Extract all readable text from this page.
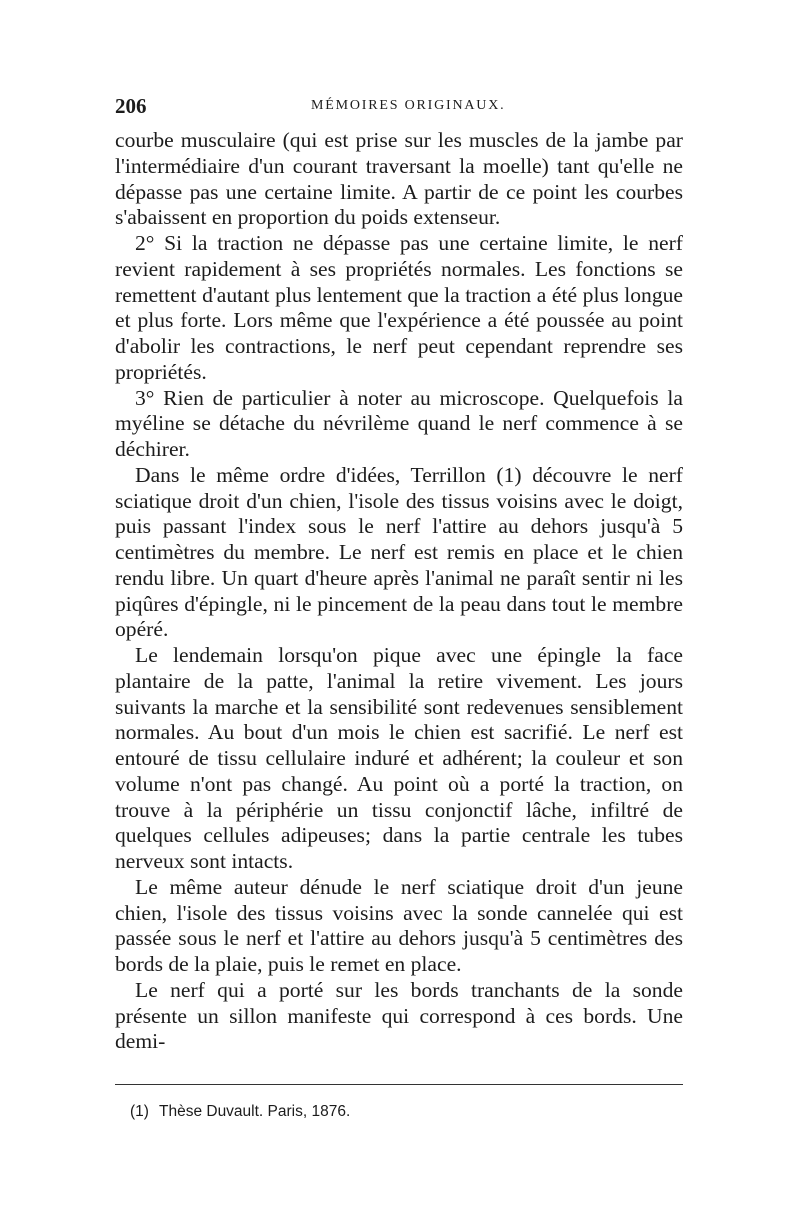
206	MÉMOIRES ORIGINAUX.

courbe musculaire (qui est prise sur les muscles de la jambe par l'intermédiaire d'un courant traversant la moelle) tant qu'elle ne dépasse pas une certaine limite. A partir de ce point les courbes s'abaissent en proportion du poids extenseur.

2° Si la traction ne dépasse pas une certaine limite, le nerf revient rapidement à ses propriétés normales. Les fonctions se remettent d'autant plus lentement que la traction a été plus longue et plus forte. Lors même que l'expérience a été poussée au point d'abolir les contractions, le nerf peut cependant reprendre ses propriétés.

3° Rien de particulier à noter au microscope. Quelquefois la myéline se détache du névrilème quand le nerf commence à se déchirer.

Dans le même ordre d'idées, Terrillon (1) découvre le nerf sciatique droit d'un chien, l'isole des tissus voisins avec le doigt, puis passant l'index sous le nerf l'attire au dehors jusqu'à 5 centimètres du membre. Le nerf est remis en place et le chien rendu libre. Un quart d'heure après l'animal ne paraît sentir ni les piqûres d'épingle, ni le pincement de la peau dans tout le membre opéré.

Le lendemain lorsqu'on pique avec une épingle la face plantaire de la patte, l'animal la retire vivement. Les jours suivants la marche et la sensibilité sont redevenues sensiblement normales. Au bout d'un mois le chien est sacrifié. Le nerf est entouré de tissu cellulaire induré et adhérent; la couleur et son volume n'ont pas changé. Au point où a porté la traction, on trouve à la périphérie un tissu conjonctif lâche, infiltré de quelques cellules adipeuses; dans la partie centrale les tubes nerveux sont intacts.

Le même auteur dénude le nerf sciatique droit d'un jeune chien, l'isole des tissus voisins avec la sonde cannelée qui est passée sous le nerf et l'attire au dehors jusqu'à 5 centimètres des bords de la plaie, puis le remet en place.

Le nerf qui a porté sur les bords tranchants de la sonde présente un sillon manifeste qui correspond à ces bords. Une demi-

(1) Thèse Duvault. Paris, 1876.
